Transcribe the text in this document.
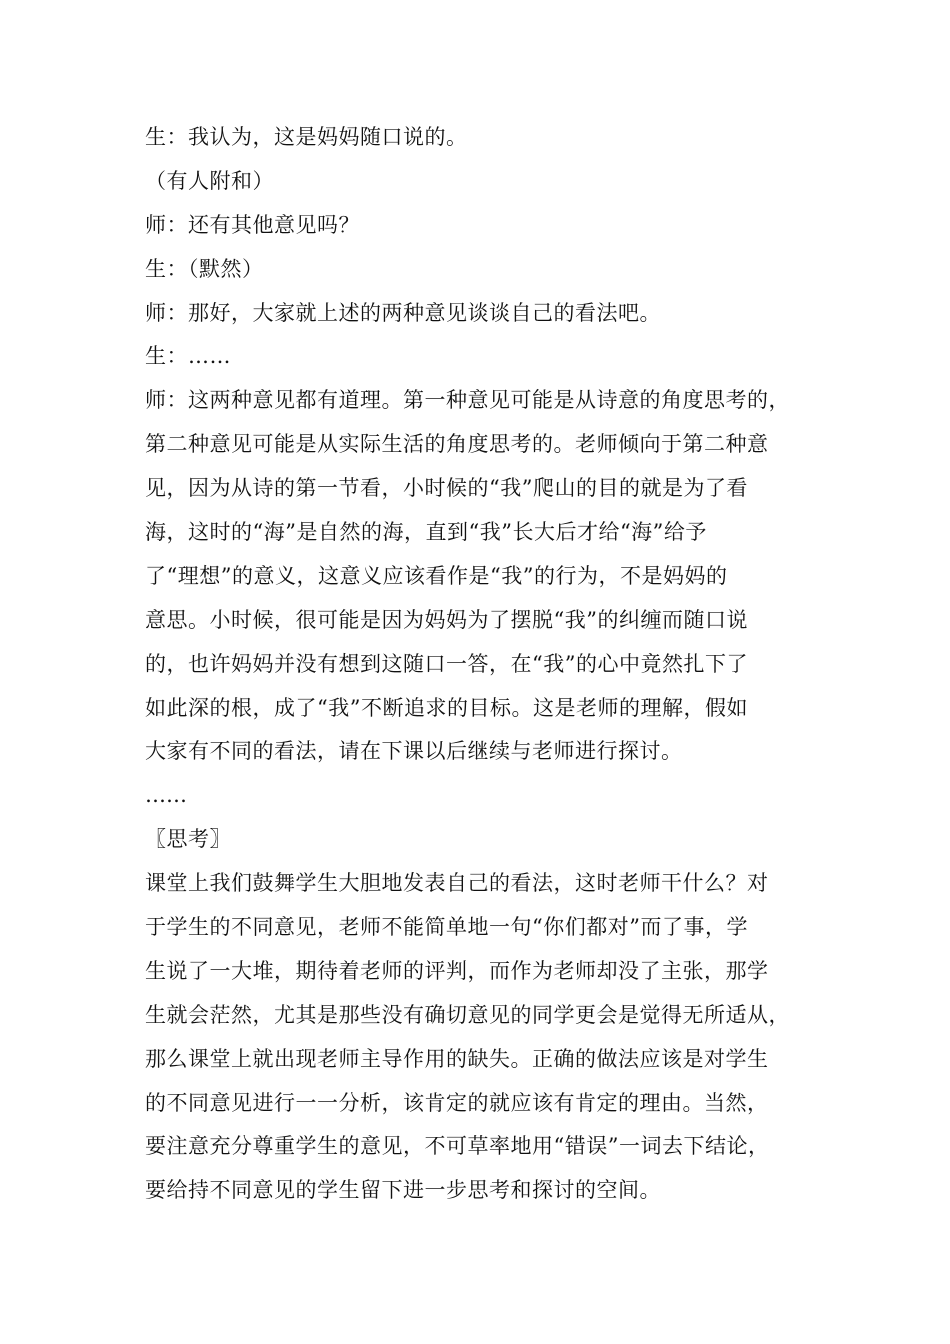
生：我认为，这是妈妈随口说的。
（有人附和）
师：还有其他意见吗？
生：（默然）
师：那好，大家就上述的两种意见谈谈自己的看法吧。
生：……
师：这两种意见都有道理。第一种意见可能是从诗意的角度思考的，
第二种意见可能是从实际生活的角度思考的。老师倾向于第二种意
见，因为从诗的第一节看，小时候的“我”爬山的目的就是为了看
海，这时的“海”是自然的海，直到“我”长大后才给“海”给予
了“理想”的意义，这意义应该看作是“我”的行为，不是妈妈的
意思。小时候，很可能是因为妈妈为了摆脱“我”的纠缠而随口说
的，也许妈妈并没有想到这随口一答，在“我”的心中竟然扎下了
如此深的根，成了“我”不断追求的目标。这是老师的理解，假如
大家有不同的看法，请在下课以后继续与老师进行探讨。
……
〖思考〗
课堂上我们鼓舞学生大胆地发表自己的看法，这时老师干什么？对
于学生的不同意见，老师不能简单地一句“你们都对”而了事，学
生说了一大堆，期待着老师的评判，而作为老师却没了主张，那学
生就会茫然，尤其是那些没有确切意见的同学更会是觉得无所适从，
那么课堂上就出现老师主导作用的缺失。正确的做法应该是对学生
的不同意见进行一一分析，该肯定的就应该有肯定的理由。当然，
要注意充分尊重学生的意见，不可草率地用“错误”一词去下结论，
要给持不同意见的学生留下进一步思考和探讨的空间。
